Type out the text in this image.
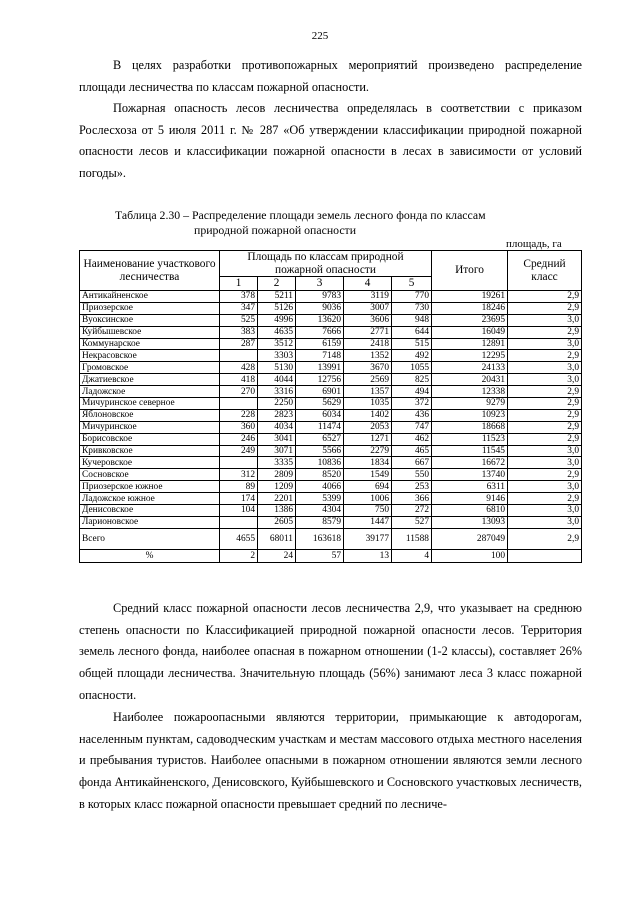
225

В целях разработки противопожарных мероприятий произведено распределение площади лесничества по классам пожарной опасности.

Пожарная опасность лесов лесничества определялась в соответствии с приказом Рослесхоза от 5 июля 2011 г. № 287 «Об утверждении классификации природной пожарной опасности лесов и классификации пожарной опасности в лесах в зависимости от условий погоды».

Таблица 2.30 – Распределение площади земель лесного фонда по классам
природной пожарной опасности
площадь, га
Наименование участкового лесничества	Площадь по классам природной пожарной опасности					Итого	Средний класс
	1	2	3	4	5		
Антикайненское	378	5211	9783	3119	770	19261	2,9
Приозерское	347	5126	9036	3007	730	18246	2,9
Вуоксинское	525	4996	13620	3606	948	23695	3,0
Куйбышевское	383	4635	7666	2771	644	16049	2,9
Коммунарское	287	3512	6159	2418	515	12891	3,0
Некрасовское		3303	7148	1352	492	12295	2,9
Громовское	428	5130	13991	3670	1055	24133	3,0
Джатиевское	418	4044	12756	2569	825	20431	3,0
Ладожское	270	3316	6901	1357	494	12338	2,9
Мичуринское северное		2250	5629	1035	372	9279	2,9
Яблоновское	228	2823	6034	1402	436	10923	2,9
Мичуринское	360	4034	11474	2053	747	18668	2,9
Борисовское	246	3041	6527	1271	462	11523	2,9
Кривковское	249	3071	5566	2279	465	11545	3,0
Кучеровское		3335	10836	1834	667	16672	3,0
Сосновское	312	2809	8520	1549	550	13740	2,9
Приозерское южное	89	1209	4066	694	253	6311	3,0
Ладожское южное	174	2201	5399	1006	366	9146	2,9
Денисовское	104	1386	4304	750	272	6810	3,0
Ларионовское		2605	8579	1447	527	13093	3,0
Всего	4655	68011	163618	39177	11588	287049	2,9
%	2	24	57	13	4	100	

Средний класс пожарной опасности лесов лесничества 2,9, что указывает на среднюю степень опасности по Классификацией природной пожарной опасности лесов. Территория земель лесного фонда, наиболее опасная в пожарном отношении (1-2 классы), составляет 26% общей площади лесничества. Значительную площадь (56%) занимают леса 3 класс пожарной опасности.

Наиболее пожароопасными являются территории, примыкающие к автодорогам, населенным пунктам, садоводческим участкам и местам массового отдыха местного населения и пребывания туристов. Наиболее опасными в пожарном отношении являются земли лесного фонда Антикайненского, Денисовского, Куйбышевского и Сосновского участковых лесничеств, в которых класс пожарной опасности превышает средний по лесниче-
